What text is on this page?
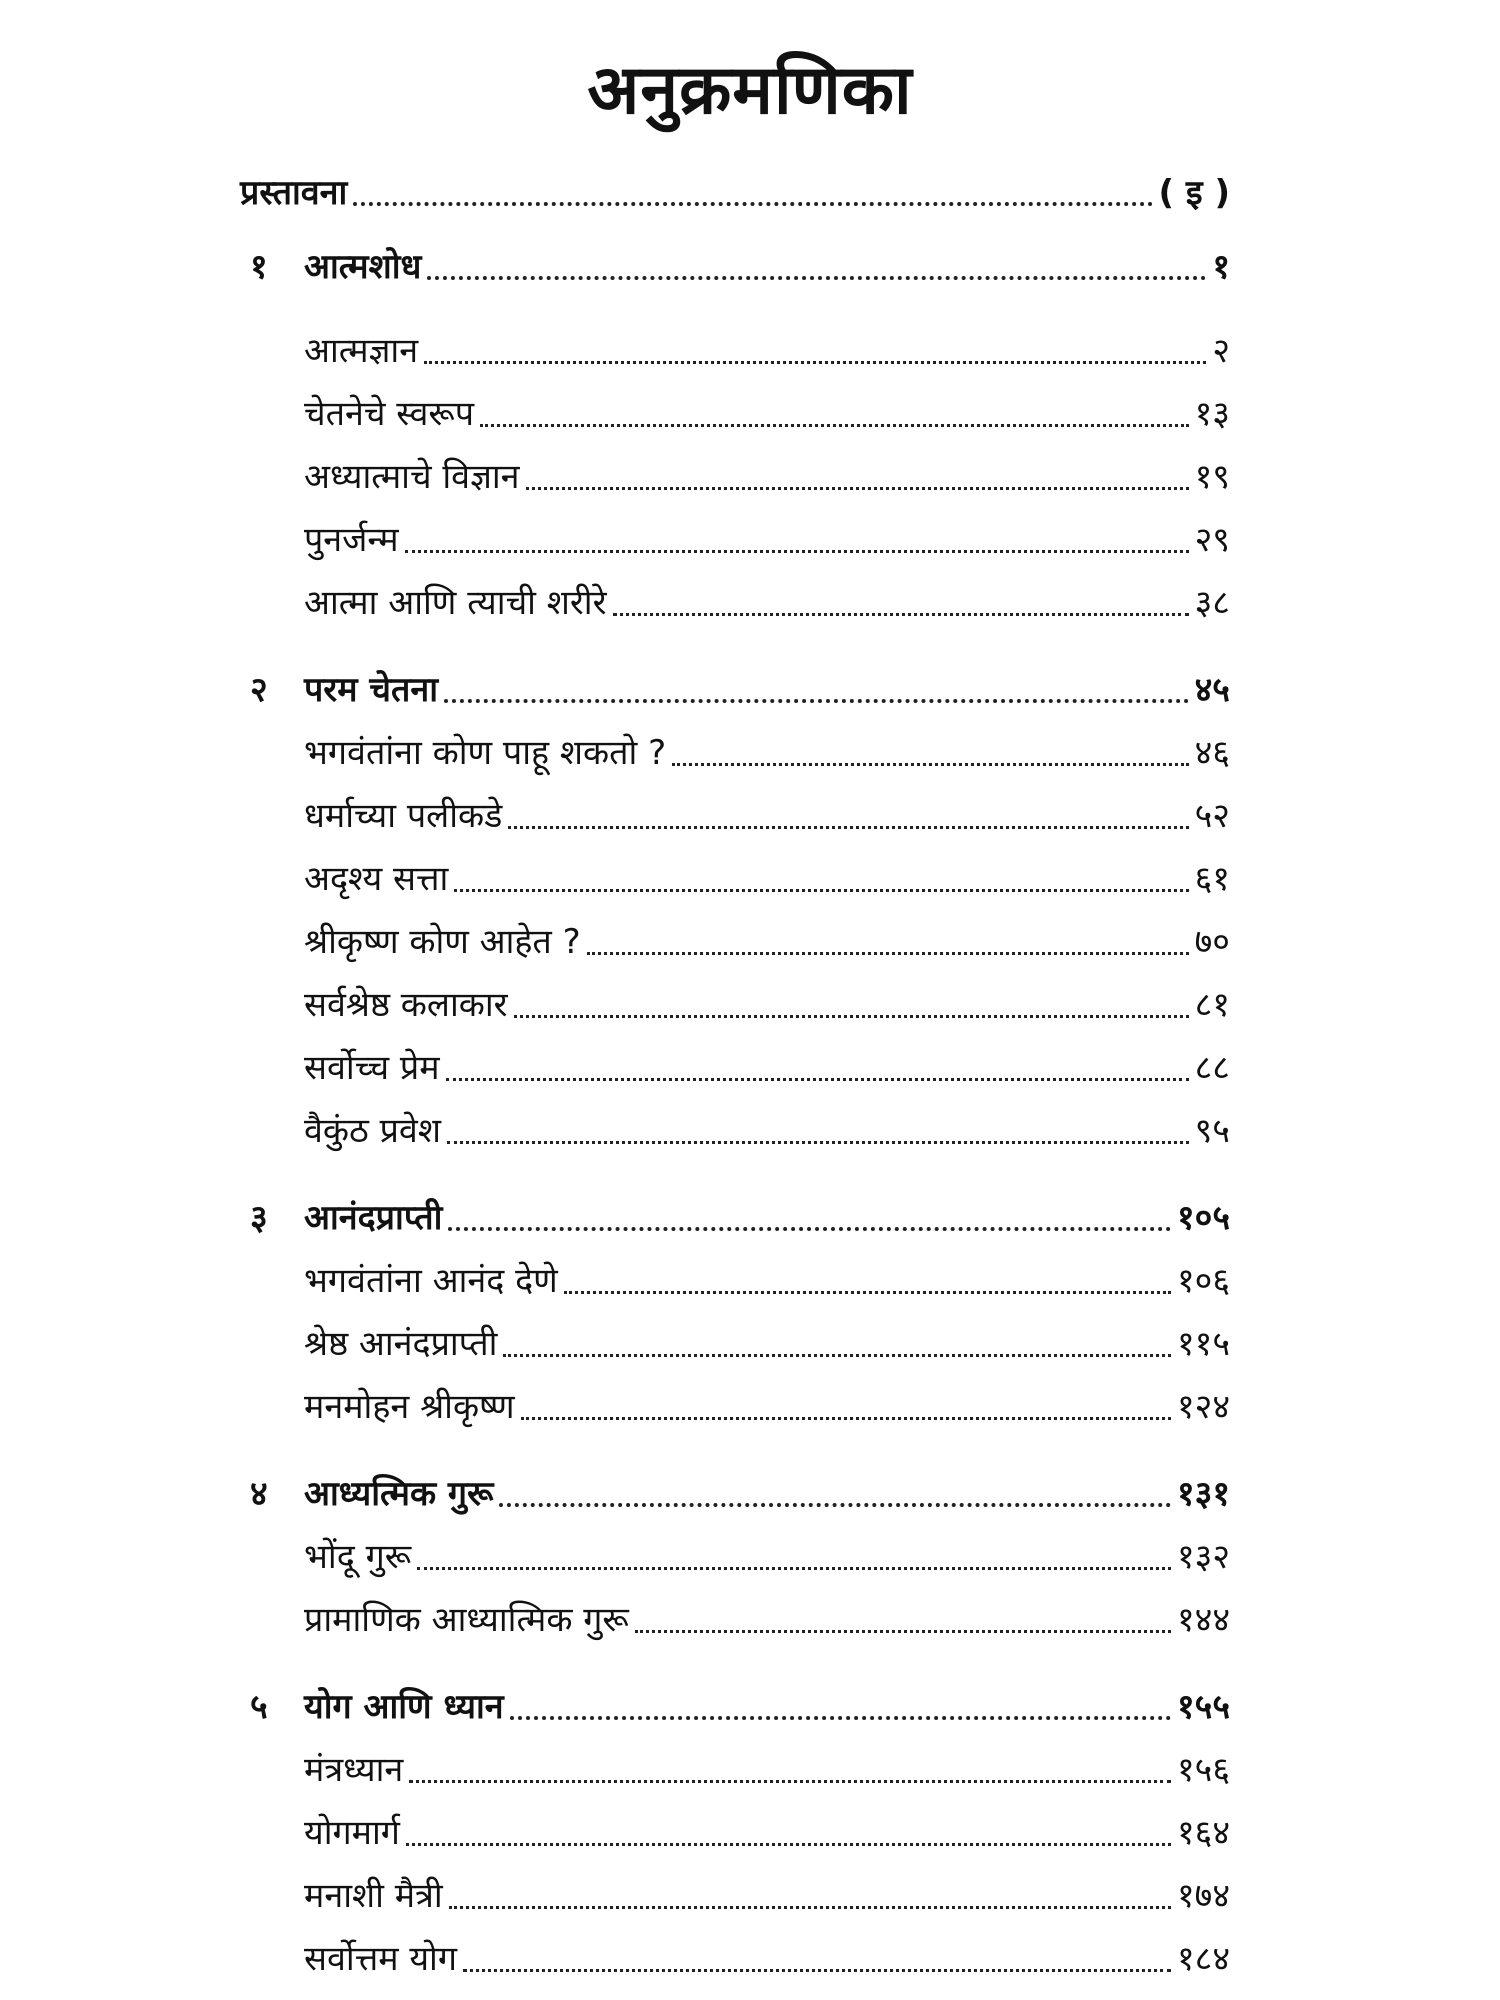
अनुक्रमणिका
प्रस्तावना	( इ )
१	आत्मशोध	१
आत्मज्ञान	२
चेतनेचे स्वरूप	१३
अध्यात्माचे विज्ञान	१९
पुनर्जन्म	२९
आत्मा आणि त्याची शरीरे	३८
२	परम चेतना	४५
भगवंतांना कोण पाहू शकतो ?	४६
धर्माच्या पलीकडे	५२
अदृश्य सत्ता	६१
श्रीकृष्ण कोण आहेत ?	७०
सर्वश्रेष्ठ कलाकार	८१
सर्वोच्च प्रेम	८८
वैकुंठ प्रवेश	९५
३	आनंदप्राप्ती	१०५
भगवंतांना आनंद देणे	१०६
श्रेष्ठ आनंदप्राप्ती	११५
मनमोहन श्रीकृष्ण	१२४
४	आध्यत्मिक गुरू	१३१
भोंदू गुरू	१३२
प्रामाणिक आध्यात्मिक गुरू	१४४
५	योग आणि ध्यान	१५५
मंत्रध्यान	१५६
योगमार्ग	१६४
मनाशी मैत्री	१७४
सर्वोत्तम योग	१८४
